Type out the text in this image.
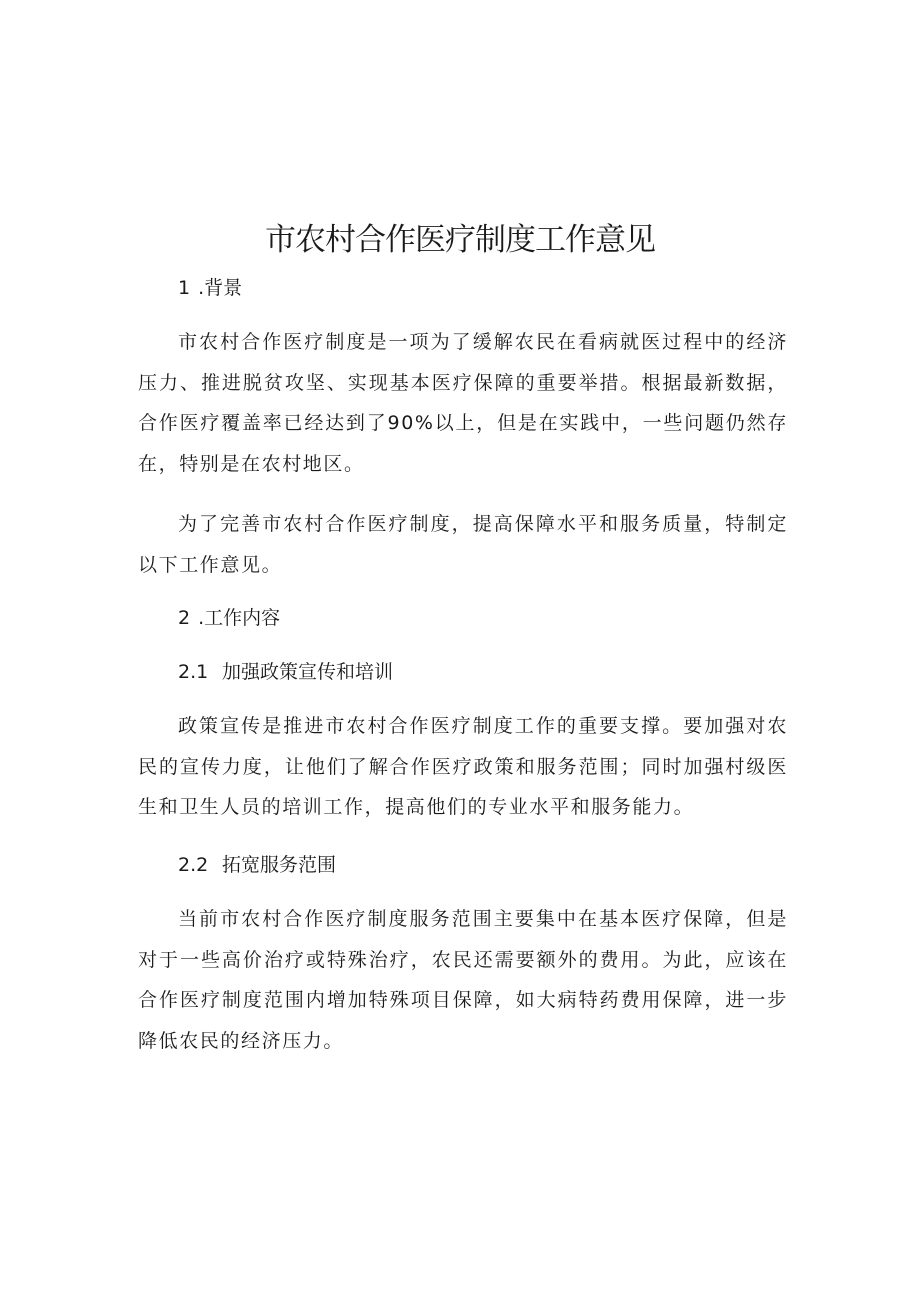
市农村合作医疗制度工作意见
1 .背景

市农村合作医疗制度是一项为了缓解农民在看病就医过程中的经济压力、推进脱贫攻坚、实现基本医疗保障的重要举措。根据最新数据，合作医疗覆盖率已经达到了90%以上，但是在实践中，一些问题仍然存在，特别是在农村地区。

为了完善市农村合作医疗制度，提高保障水平和服务质量，特制定以下工作意见。

2 .工作内容
2.1 加强政策宣传和培训

政策宣传是推进市农村合作医疗制度工作的重要支撑。要加强对农民的宣传力度，让他们了解合作医疗政策和服务范围；同时加强村级医生和卫生人员的培训工作，提高他们的专业水平和服务能力。

2.2 拓宽服务范围

当前市农村合作医疗制度服务范围主要集中在基本医疗保障，但是对于一些高价治疗或特殊治疗，农民还需要额外的费用。为此，应该在合作医疗制度范围内增加特殊项目保障，如大病特药费用保障，进一步降低农民的经济压力。
